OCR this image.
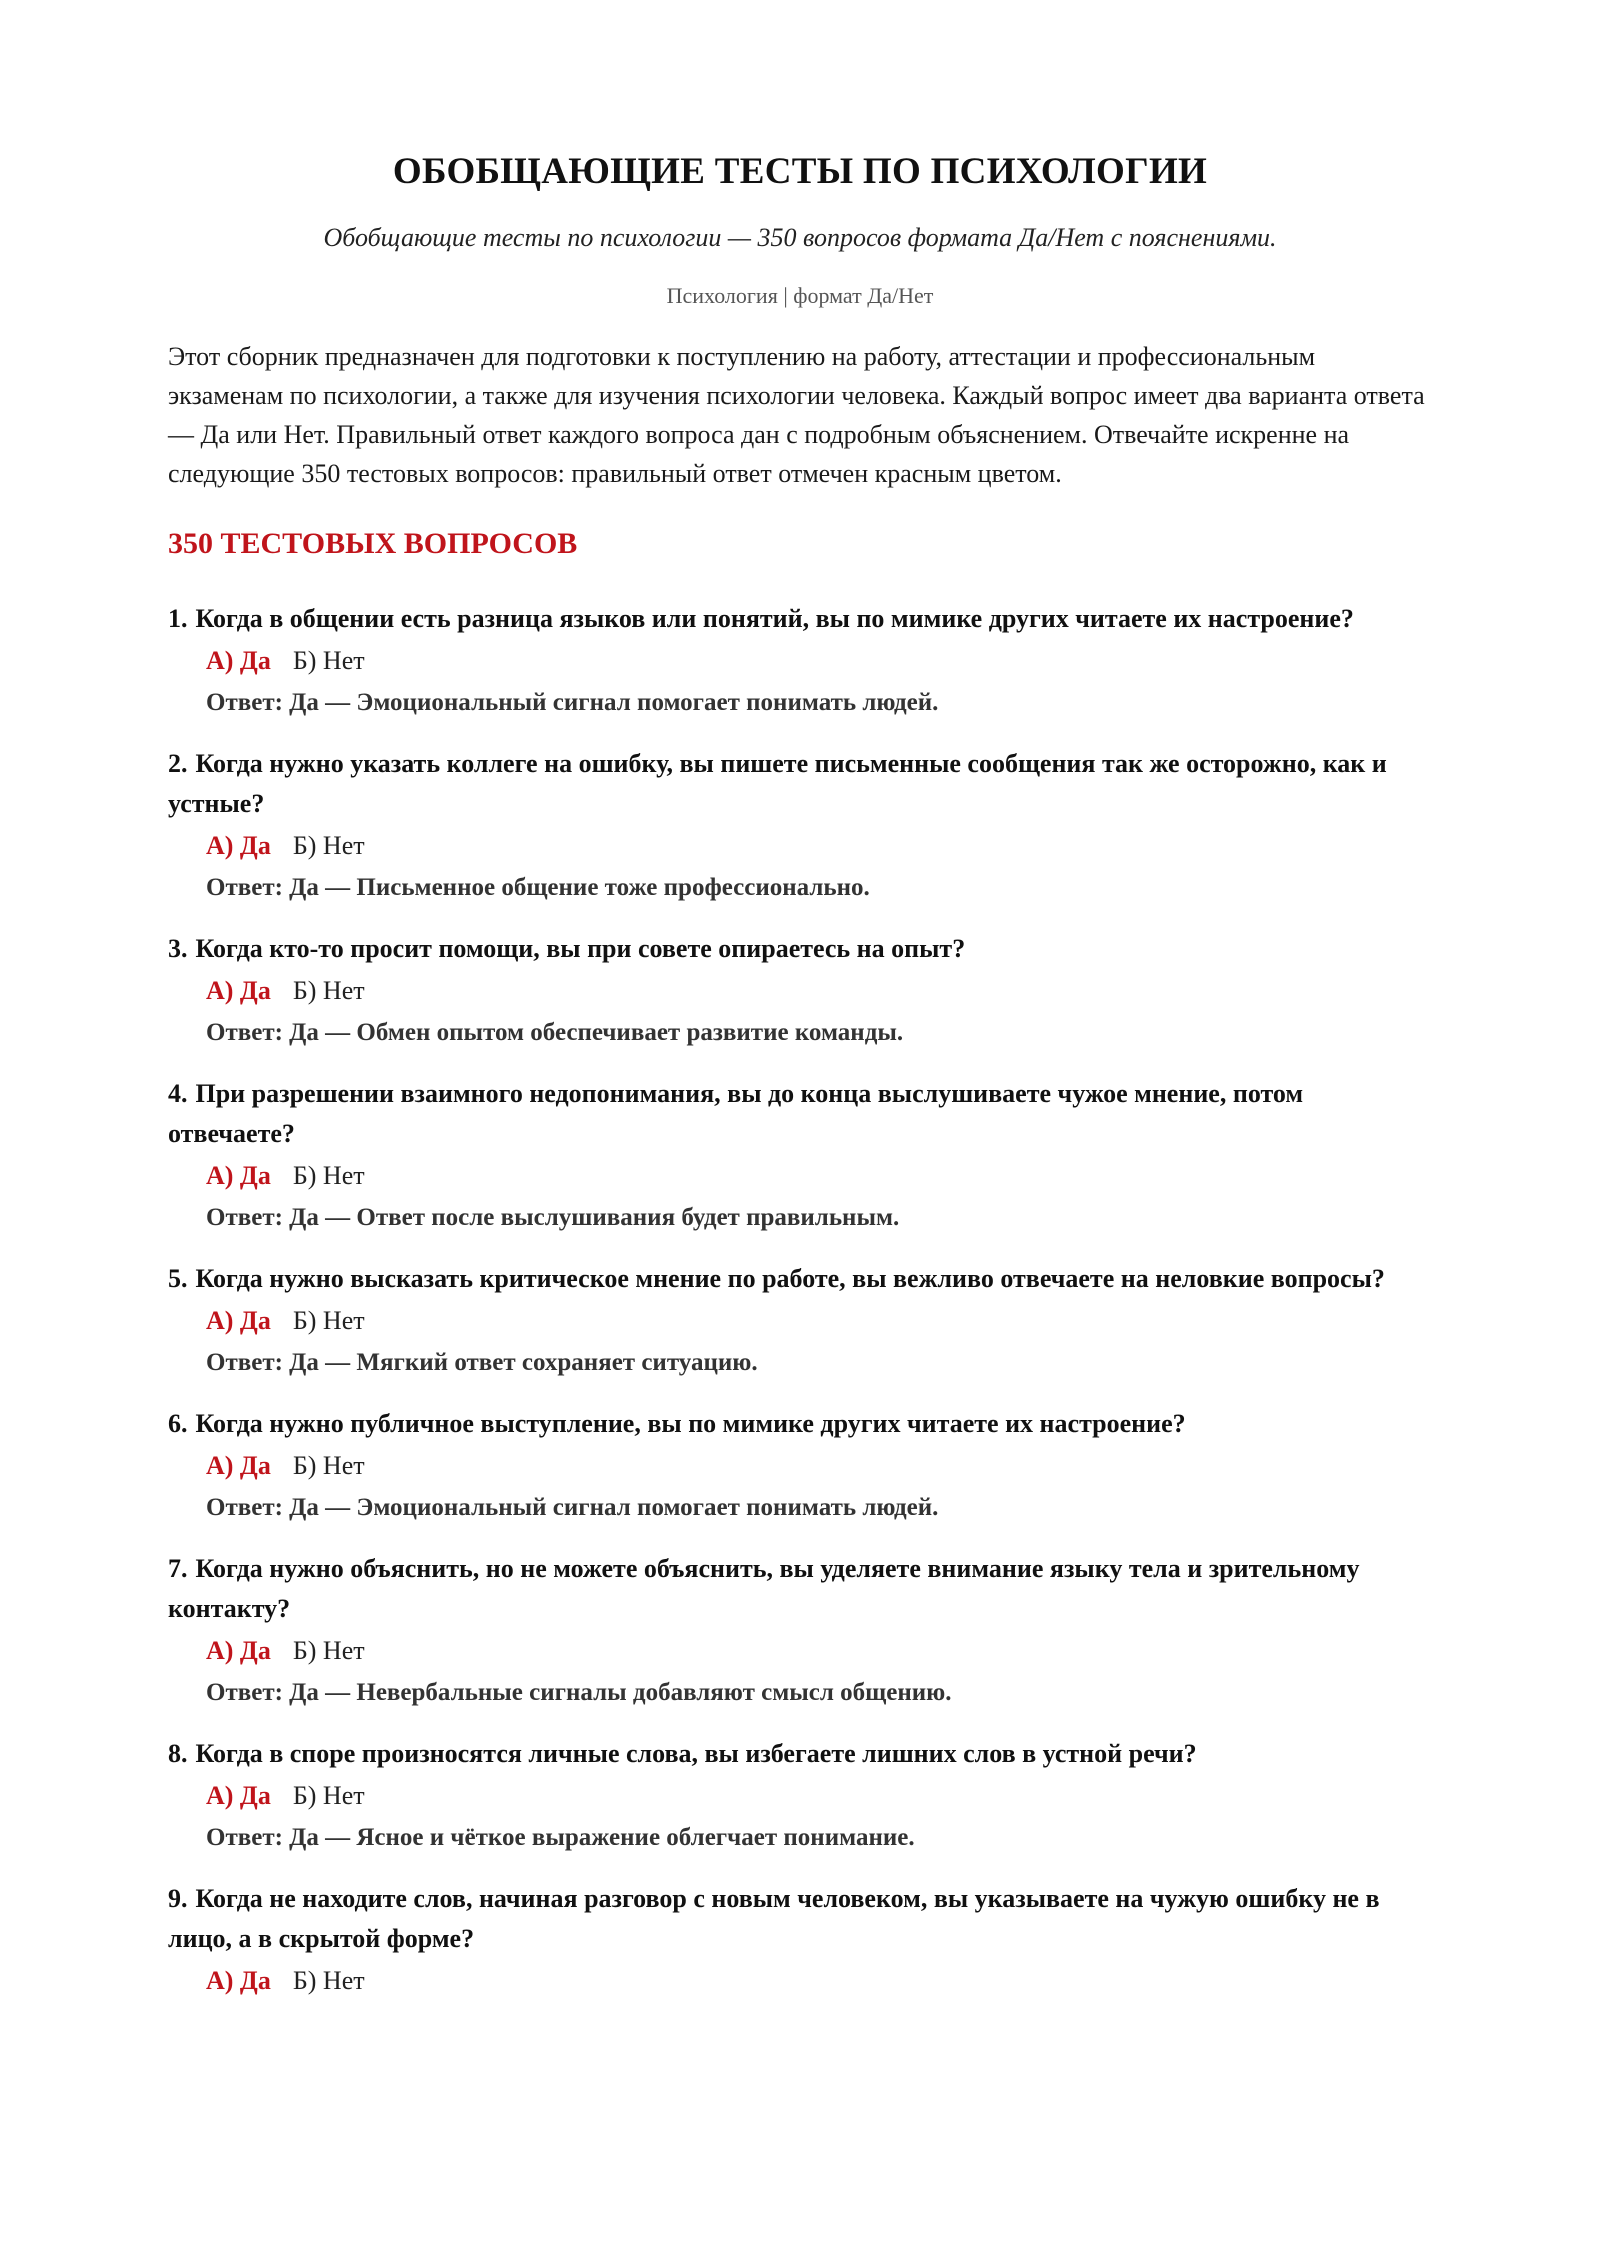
ОБОБЩАЮЩИЕ ТЕСТЫ ПО ПСИХОЛОГИИ
Обобщающие тесты по психологии — 350 вопросов формата Да/Нет с пояснениями.
Психология | формат Да/Нет

Этот сборник предназначен для подготовки к поступлению на работу, аттестации и профессиональным экзаменам по психологии, а также для изучения психологии человека. Каждый вопрос имеет два варианта ответа — Да или Нет. Правильный ответ каждого вопроса дан с подробным объяснением. Отвечайте искренне на следующие 350 тестовых вопросов: правильный ответ отмечен красным цветом.

350 ТЕСТОВЫХ ВОПРОСОВ
1. Когда в общении есть разница языков или понятий, вы по мимике других читаете их настроение?
А) Да Б) Нет
Ответ: Да — Эмоциональный сигнал помогает понимать людей.
2. Когда нужно указать коллеге на ошибку, вы пишете письменные сообщения так же осторожно, как и устные?
А) Да Б) Нет
Ответ: Да — Письменное общение тоже профессионально.
3. Когда кто-то просит помощи, вы при совете опираетесь на опыт?
А) Да Б) Нет
Ответ: Да — Обмен опытом обеспечивает развитие команды.
4. При разрешении взаимного недопонимания, вы до конца выслушиваете чужое мнение, потом отвечаете?
А) Да Б) Нет
Ответ: Да — Ответ после выслушивания будет правильным.
5. Когда нужно высказать критическое мнение по работе, вы вежливо отвечаете на неловкие вопросы?
А) Да Б) Нет
Ответ: Да — Мягкий ответ сохраняет ситуацию.
6. Когда нужно публичное выступление, вы по мимике других читаете их настроение?
А) Да Б) Нет
Ответ: Да — Эмоциональный сигнал помогает понимать людей.
7. Когда нужно объяснить, но не можете объяснить, вы уделяете внимание языку тела и зрительному контакту?
А) Да Б) Нет
Ответ: Да — Невербальные сигналы добавляют смысл общению.
8. Когда в споре произносятся личные слова, вы избегаете лишних слов в устной речи?
А) Да Б) Нет
Ответ: Да — Ясное и чёткое выражение облегчает понимание.
9. Когда не находите слов, начиная разговор с новым человеком, вы указываете на чужую ошибку не в лицо, а в скрытой форме?
А) Да Б) Нет
